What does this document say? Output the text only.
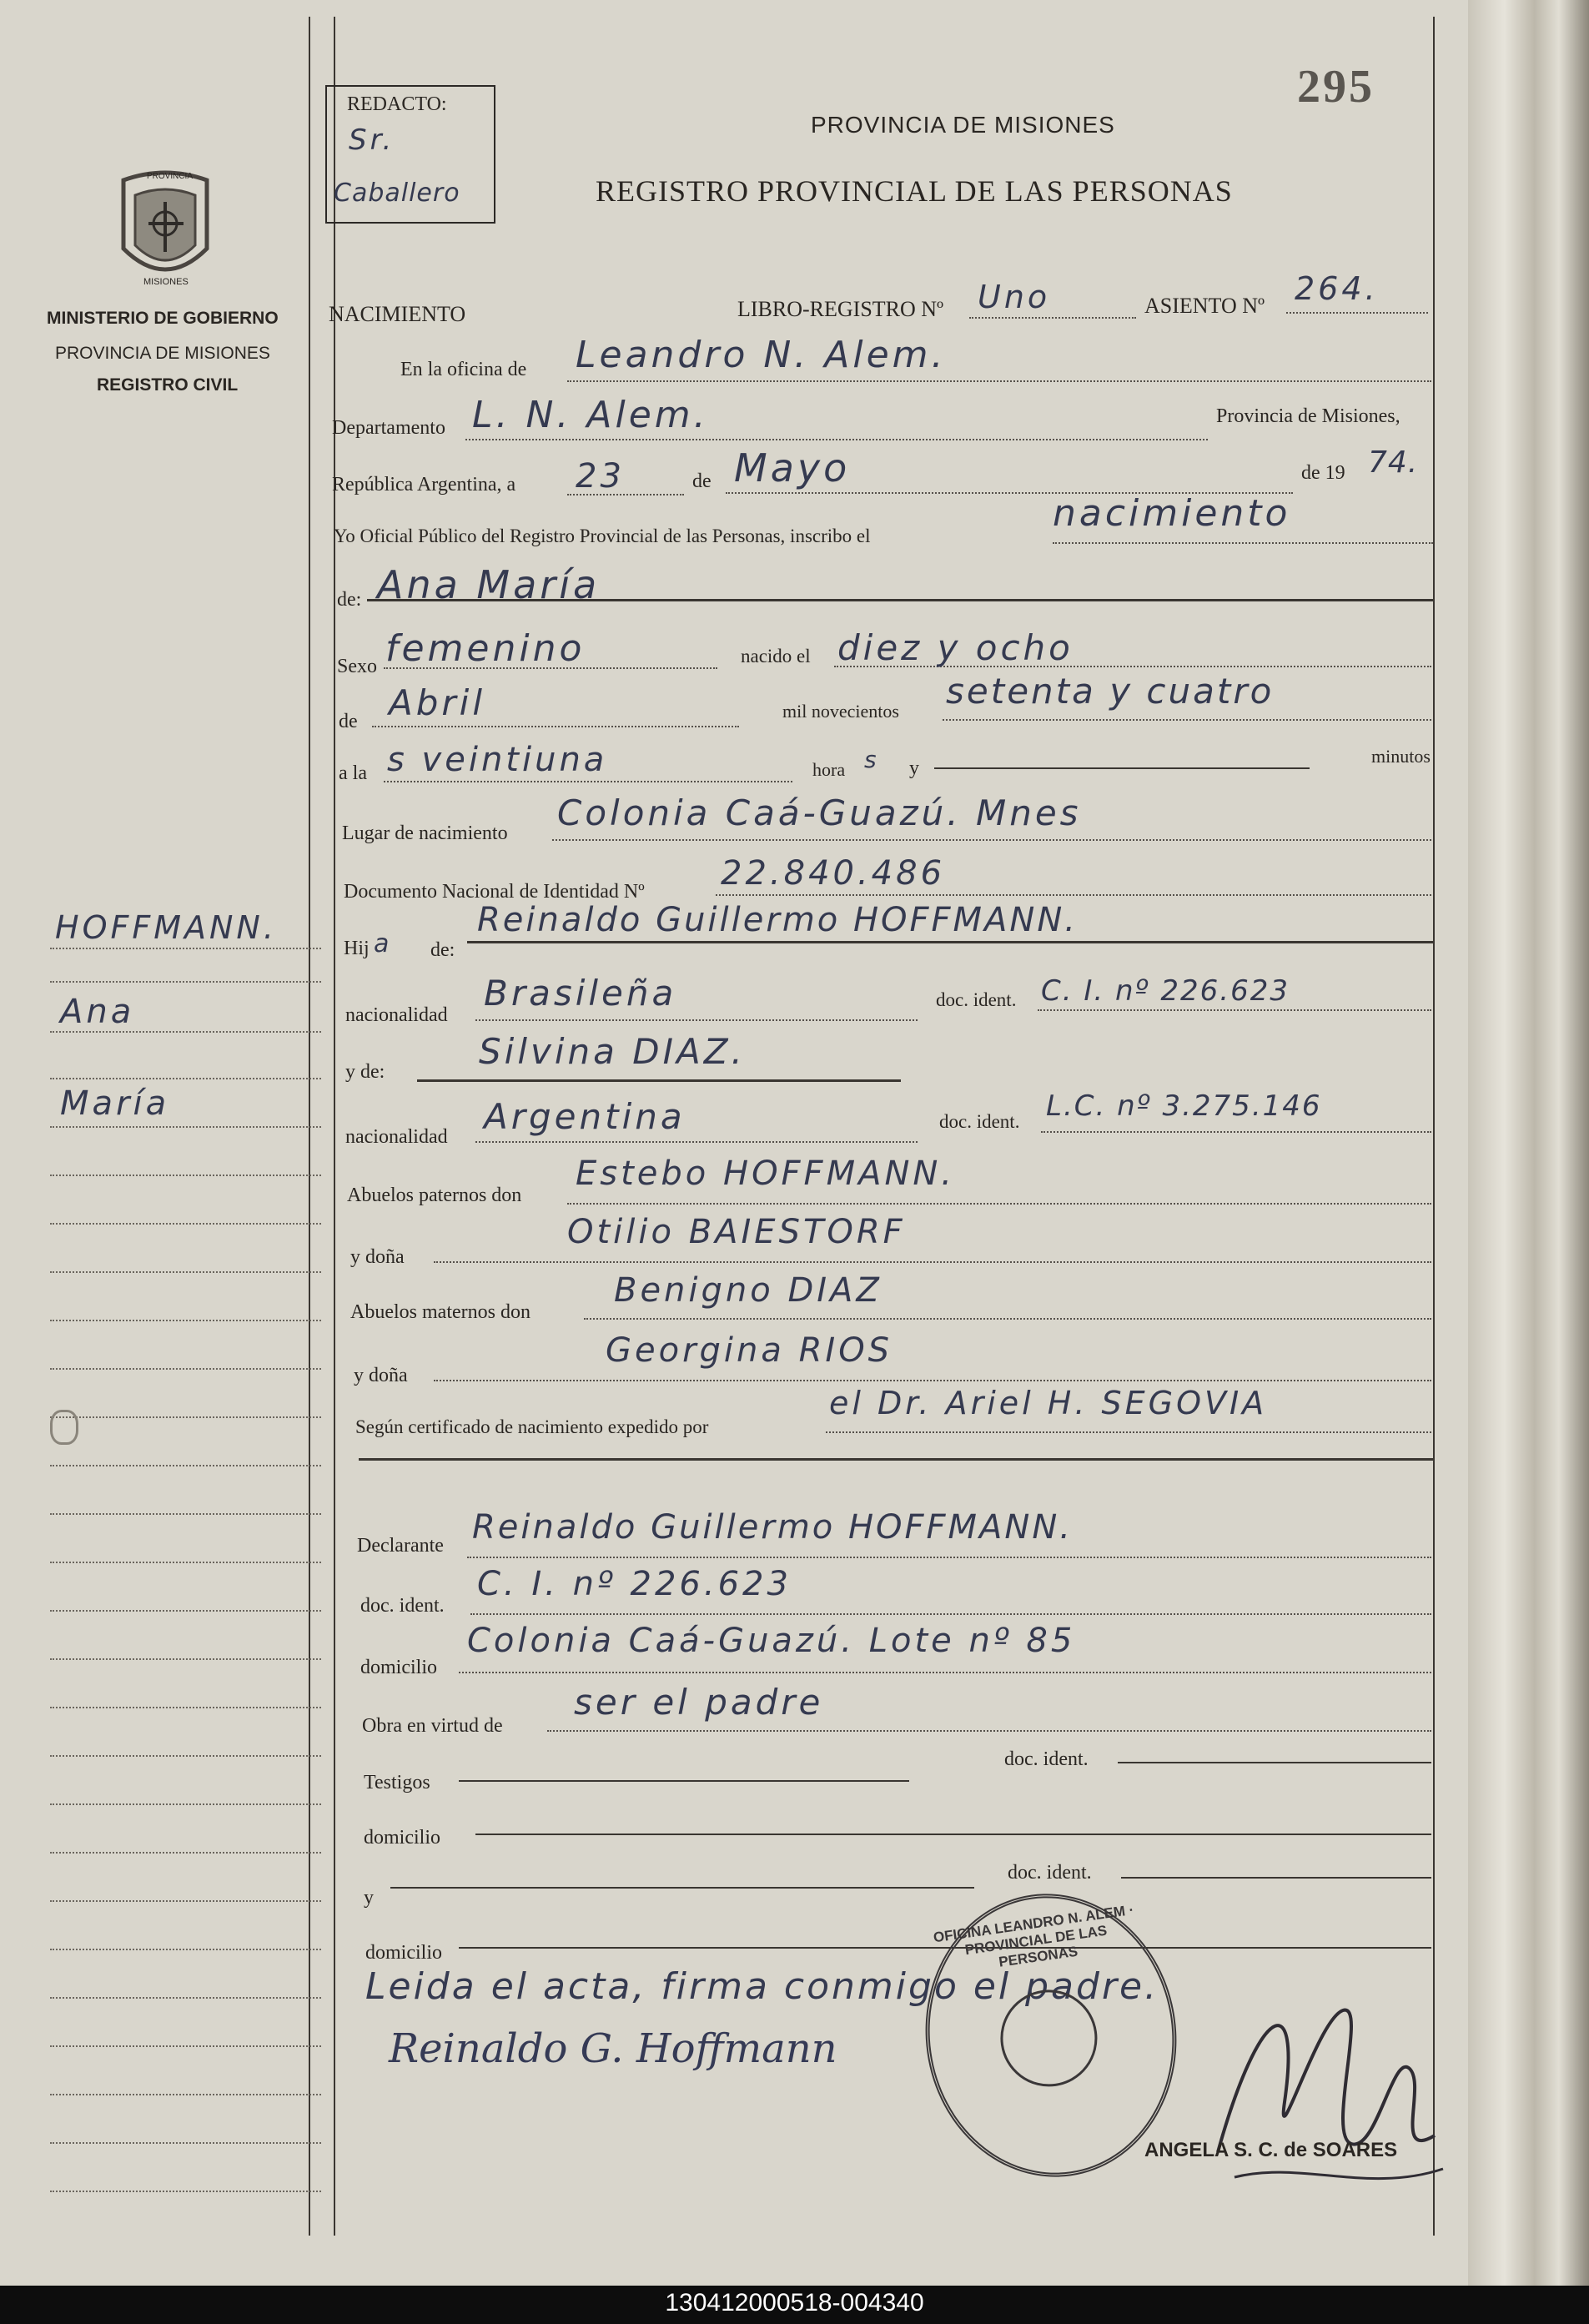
295
REDACTO:
Sr.
Caballero
PROVINCIA DE MISIONES
REGISTRO PROVINCIAL DE LAS PERSONAS
PROVINCIA
MISIONES
MINISTERIO DE GOBIERNO
PROVINCIA DE MISIONES
REGISTRO CIVIL
HOFFMANN.
Ana
María
NACIMIENTO	LIBRO-REGISTRO Nº Uno	ASIENTO Nº 264.
En la oficina de Leandro N. Alem.
Departamento L. N. Alem.	Provincia de Misiones,
República Argentina, a 23	de Mayo	de 19 74.
Yo Oficial Público del Registro Provincial de las Personas, inscribo el
nacimiento
de: Ana María
Sexo femenino	nacido el diez y ocho
de Abril	mil novecientos setenta y cuatro
a la s veintiuna	hora s y
minutos
Lugar de nacimiento Colonia Caá-Guazú. Mnes
Documento Nacional de Identidad Nº 22.840.486
Hij a de:
Reinaldo Guillermo HOFFMANN.
nacionalidad
Brasileña	doc. ident. C. I. nº 226.623
y de:	Silvina DIAZ.
nacionalidad Argentina	doc. ident. L.C. nº 3.275.146
Abuelos paternos don
Estebo HOFFMANN.
y doña
Otilio BAIESTORF
Abuelos maternos don
Benigno DIAZ
y doña
Georgina RIOS
Según certificado de nacimiento expedido por
el Dr. Ariel H. SEGOVIA
Declarante Reinaldo Guillermo HOFFMANN.
doc. ident.
C. I. nº 226.623
domicilio
Colonia Caá-Guazú. Lote nº 85
Obra en virtud de
ser el padre
Testigos
doc. ident.
domicilio
y
doc. ident.
domicilio
Leida el acta, firma conmigo el padre.
Reinaldo G. Hoffmann
OFICINA LEANDRO N. ALEM · PROVINCIAL DE LAS PERSONAS
ANGELA S. C. de SOARES
130412000518-004340
